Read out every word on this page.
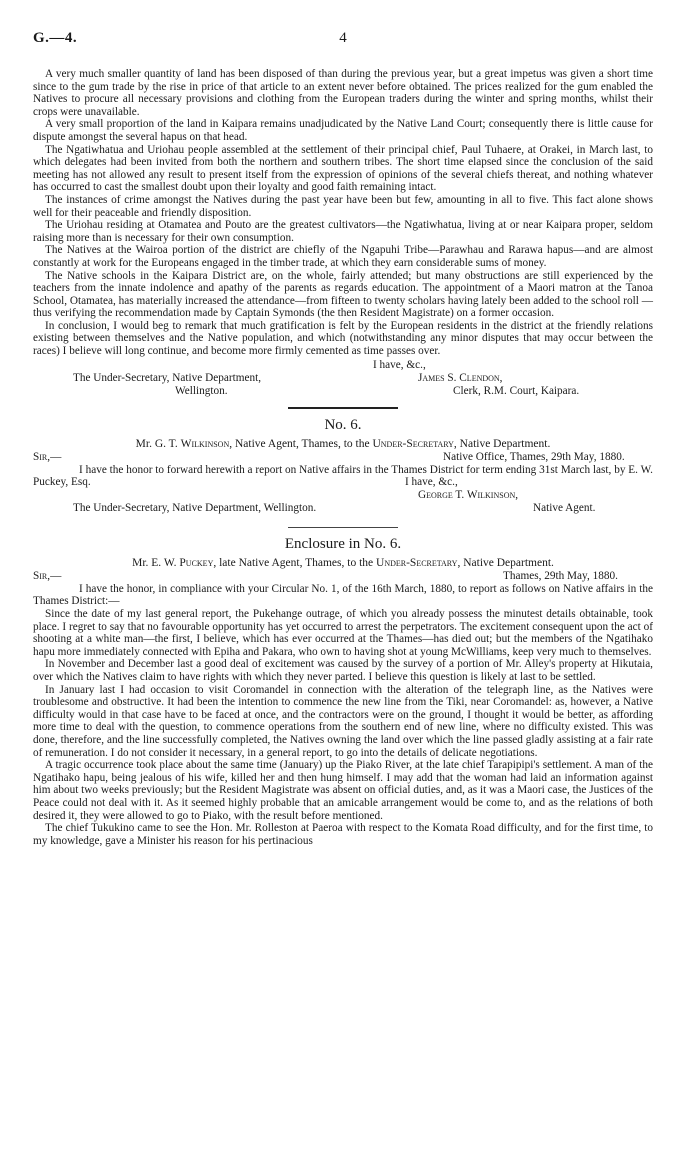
G.—4.	4

A very much smaller quantity of land has been disposed of than during the previous year, but a great impetus was given a short time since to the gum trade by the rise in price of that article to an extent never before obtained. The prices realized for the gum enabled the Natives to procure all necessary provisions and clothing from the European traders during the winter and spring months, whilst their crops were unavailable.

A very small proportion of the land in Kaipara remains unadjudicated by the Native Land Court; consequently there is little cause for dispute amongst the several hapus on that head.

The Ngatiwhatua and Uriohau people assembled at the settlement of their principal chief, Paul Tuhaere, at Orakei, in March last, to which delegates had been invited from both the northern and southern tribes. The short time elapsed since the conclusion of the said meeting has not allowed any result to present itself from the expression of opinions of the several chiefs thereat, and nothing whatever has occurred to cast the smallest doubt upon their loyalty and good faith remaining intact.

The instances of crime amongst the Natives during the past year have been but few, amounting in all to five. This fact alone shows well for their peaceable and friendly disposition.

The Uriohau residing at Otamatea and Pouto are the greatest cultivators—the Ngatiwhatua, living at or near Kaipara proper, seldom raising more than is necessary for their own consumption.

The Natives at the Wairoa portion of the district are chiefly of the Ngapuhi Tribe—Parawhau and Rarawa hapus—and are almost constantly at work for the Europeans engaged in the timber trade, at which they earn considerable sums of money.

The Native schools in the Kaipara District are, on the whole, fairly attended; but many obstructions are still experienced by the teachers from the innate indolence and apathy of the parents as regards education. The appointment of a Maori matron at the Tanoa School, Otamatea, has materially increased the attendance—from fifteen to twenty scholars having lately been added to the school roll —thus verifying the recommendation made by Captain Symonds (the then Resident Magistrate) on a former occasion.

In conclusion, I would beg to remark that much gratification is felt by the European residents in the district at the friendly relations existing between themselves and the Native population, and which (notwithstanding any minor disputes that may occur between the races) I believe will long continue, and become more firmly cemented as time passes over.

I have, &c.,
The Under-Secretary, Native Department,	James S. Clendon,
Wellington.	Clerk, R.M. Court, Kaipara.
No. 6.
Mr. G. T. Wilkinson, Native Agent, Thames, to the Under-Secretary, Native Department.
Sir,—	Native Office, Thames, 29th May, 1880.

I have the honor to forward herewith a report on Native affairs in the Thames District for term ending 31st March last, by E. W. Puckey, Esq.	I have, &c.,
George T. Wilkinson,
The Under-Secretary, Native Department, Wellington.	Native Agent.
Enclosure in No. 6.
Mr. E. W. Puckey, late Native Agent, Thames, to the Under-Secretary, Native Department.
Sir,—	Thames, 29th May, 1880.

I have the honor, in compliance with your Circular No. 1, of the 16th March, 1880, to report as follows on Native affairs in the Thames District:—

Since the date of my last general report, the Pukehange outrage, of which you already possess the minutest details obtainable, took place. I regret to say that no favourable opportunity has yet occurred to arrest the perpetrators. The excitement consequent upon the act of shooting at a white man—the first, I believe, which has ever occurred at the Thames—has died out; but the members of the Ngatihako hapu more immediately connected with Epiha and Pakara, who own to having shot at young McWilliams, keep very much to themselves.

In November and December last a good deal of excitement was caused by the survey of a portion of Mr. Alley's property at Hikutaia, over which the Natives claim to have rights with which they never parted. I believe this question is likely at last to be settled.

In January last I had occasion to visit Coromandel in connection with the alteration of the telegraph line, as the Natives were troublesome and obstructive. It had been the intention to commence the new line from the Tiki, near Coromandel: as, however, a Native difficulty would in that case have to be faced at once, and the contractors were on the ground, I thought it would be better, as affording more time to deal with the question, to commence operations from the southern end of new line, where no difficulty existed. This was done, therefore, and the line successfully completed, the Natives owning the land over which the line passed gladly assisting at a fair rate of remuneration. I do not consider it necessary, in a general report, to go into the details of delicate negotiations.

A tragic occurrence took place about the same time (January) up the Piako River, at the late chief Tarapipipi's settlement. A man of the Ngatihako hapu, being jealous of his wife, killed her and then hung himself. I may add that the woman had laid an information against him about two weeks previously; but the Resident Magistrate was absent on official duties, and, as it was a Maori case, the Justices of the Peace could not deal with it. As it seemed highly probable that an amicable arrangement would be come to, and as the relations of both desired it, they were allowed to go to Piako, with the result before mentioned.

The chief Tukukino came to see the Hon. Mr. Rolleston at Paeroa with respect to the Komata Road difficulty, and for the first time, to my knowledge, gave a Minister his reason for his pertinacious
